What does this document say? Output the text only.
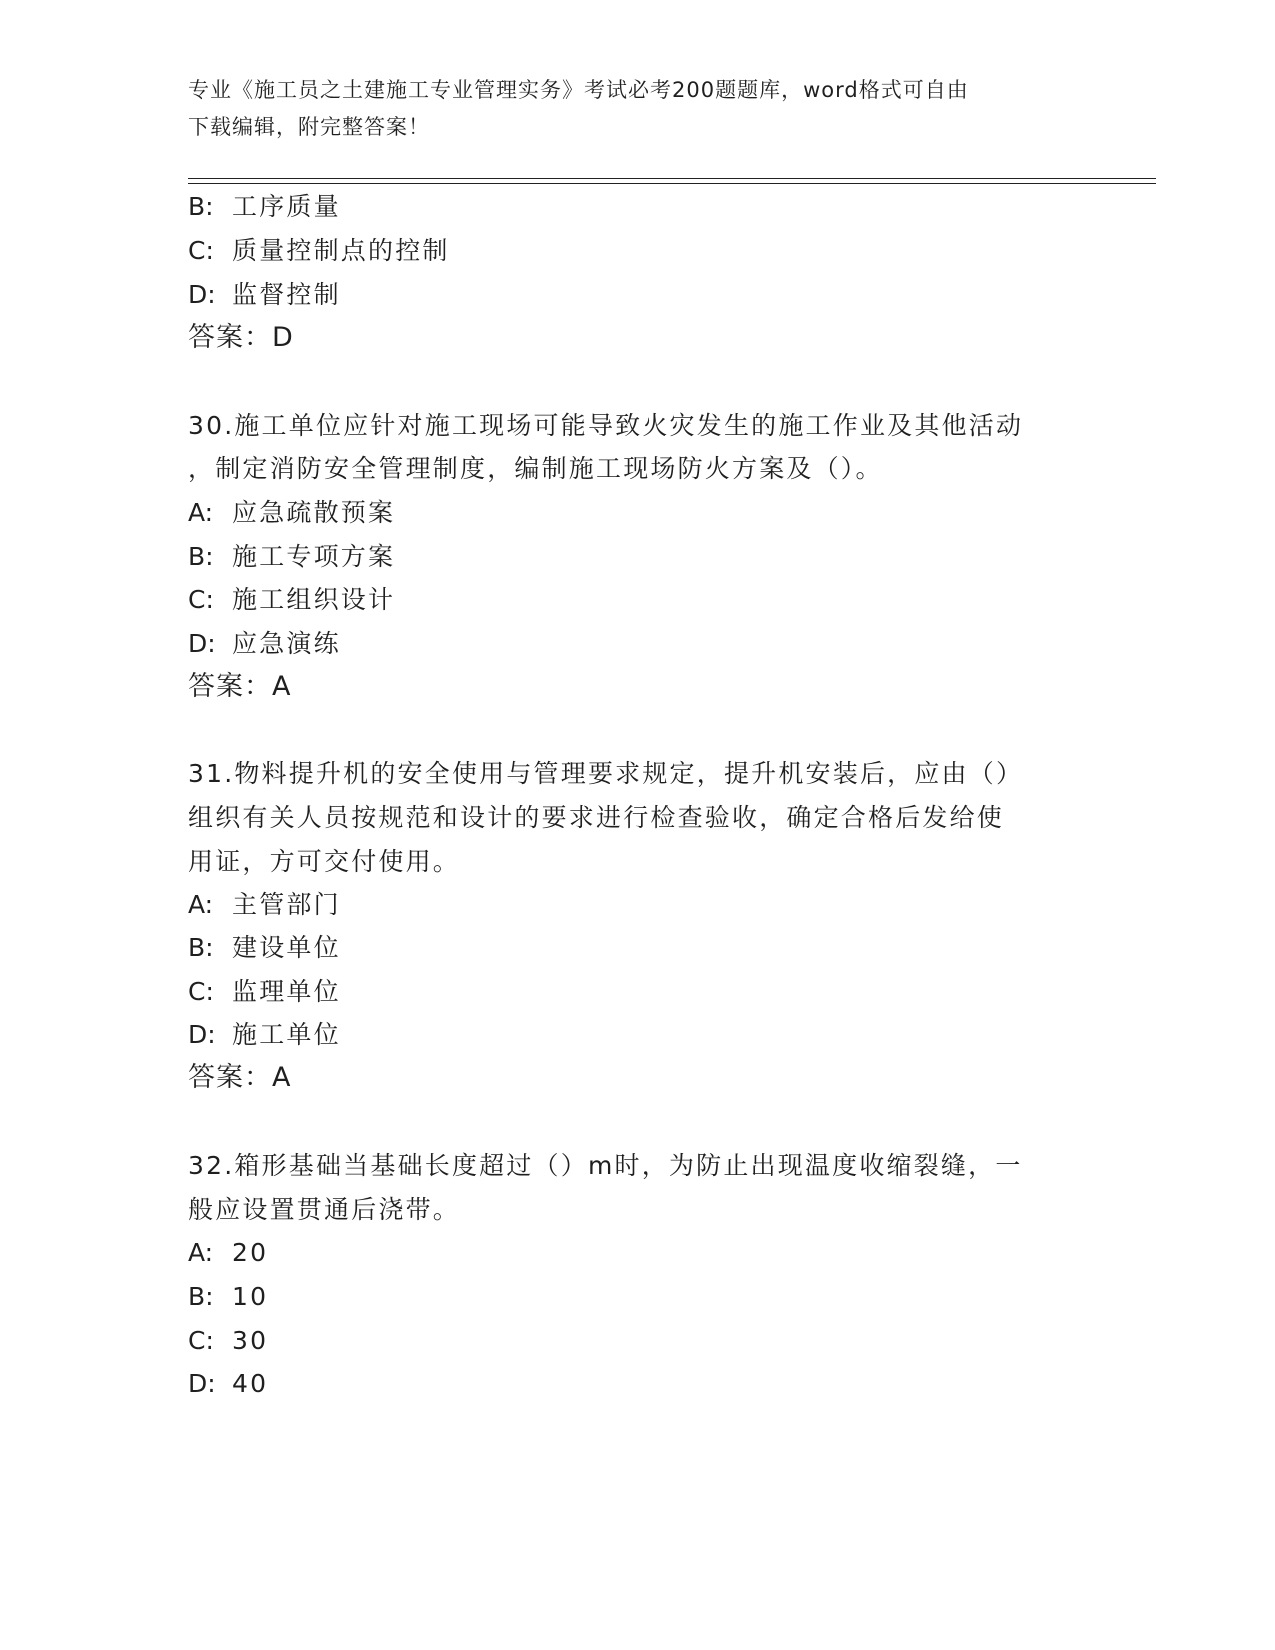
专业《施工员之土建施工专业管理实务》考试必考200题题库，word格式可自由
下载编辑，附完整答案！
B: 工序质量
C: 质量控制点的控制
D: 监督控制
答案：D
30.施工单位应针对施工现场可能导致火灾发生的施工作业及其他活动
，制定消防安全管理制度，编制施工现场防火方案及（）。
A: 应急疏散预案
B: 施工专项方案
C: 施工组织设计
D: 应急演练
答案：A
31.物料提升机的安全使用与管理要求规定，提升机安装后，应由（）
组织有关人员按规范和设计的要求进行检查验收，确定合格后发给使
用证，方可交付使用。
A: 主管部门
B: 建设单位
C: 监理单位
D: 施工单位
答案：A
32.箱形基础当基础长度超过（）m时，为防止出现温度收缩裂缝，一
般应设置贯通后浇带。
A: 20
B: 10
C: 30
D: 40
